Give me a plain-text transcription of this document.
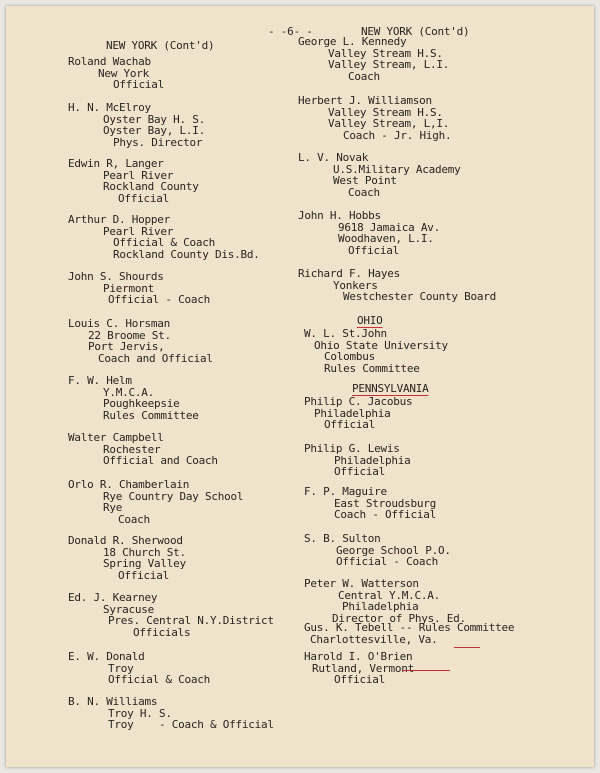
- -6- -
NEW YORK (Cont'd)
NEW YORK (Cont'd)
OHIO
PENNSYLVANIA
Roland Wachab
New York
Official
H. N. McElroy
Oyster Bay H. S.
Oyster Bay, L.I.
Phys. Director
Edwin R, Langer
Pearl River
Rockland County
Official
Arthur D. Hopper
Pearl River
Official & Coach
Rockland County Dis.Bd.
John S. Shourds
Piermont
Official - Coach
Louis C. Horsman
22 Broome St.
Port Jervis,
Coach and Official
F. W. Helm
Y.M.C.A.
Poughkeepsie
Rules Committee
Walter Campbell
Rochester
Official and Coach
Orlo R. Chamberlain
Rye Country Day School
Rye
Coach
Donald R. Sherwood
18 Church St.
Spring Valley
Official
Ed. J. Kearney
Syracuse
Pres. Central N.Y.District
Officials
E. W. Donald
Troy
Official & Coach
B. N. Williams
Troy H. S.
Troy    - Coach & Official
George L. Kennedy
Valley Stream H.S.
Valley Stream, L.I.
Coach
Herbert J. Williamson
Valley Stream H.S.
Valley Stream, L,I.
Coach - Jr. High.
L. V. Novak
U.S.Military Academy
West Point
Coach
John H. Hobbs
9618 Jamaica Av.
Woodhaven, L.I.
Official
Richard F. Hayes
Yonkers
Westchester County Board
W. L. St.John
Ohio State University
Colombus
Rules Committee
Philip C. Jacobus
Philadelphia
Official
Philip G. Lewis
Philadelphia
Official
F. P. Maguire
East Stroudsburg
Coach - Official
S. B. Sulton
George School P.O.
Official - Coach
Peter W. Watterson
Central Y.M.C.A.
Philadelphia
Director of Phys. Ed.
Gus. K. Tebell -- Rules Committee
Charlottesville, Va.
Harold I. O'Brien
Rutland, Vermont
Official
